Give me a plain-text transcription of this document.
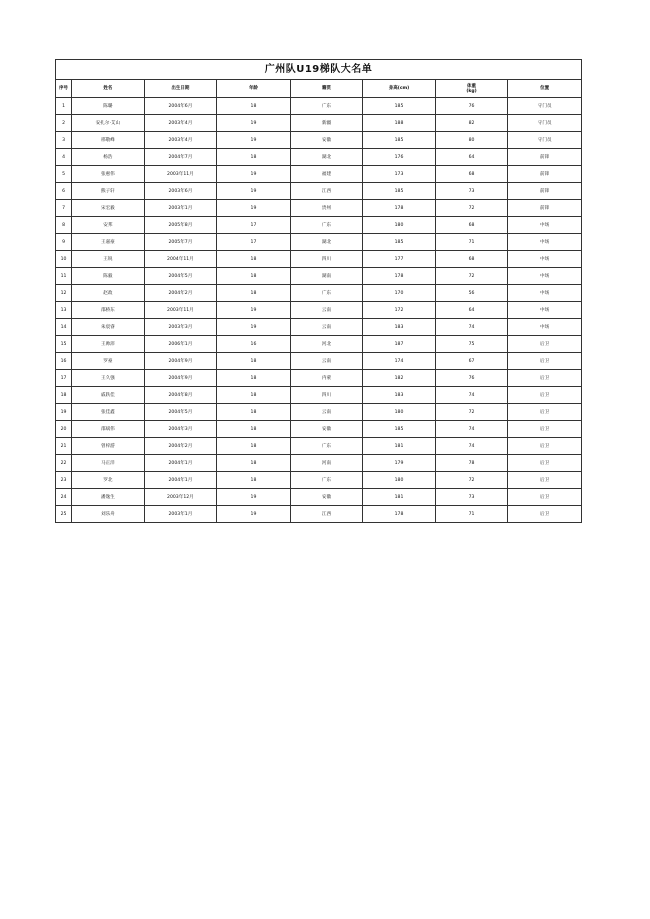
广州队U19梯队大名单							
序号	姓名	出生日期	年龄	籍贯	身高(cm)	体重
(kg)	位置
1	陈璐	2004年6月	18	广东	185	76	守门员
2	安扎尔·艾山	2003年4月	19	新疆	188	82	守门员
3	邢敬峰	2003年4月	19	安徽	185	80	守门员
4	杨浩	2004年7月	18	湖北	176	64	前锋
5	张惠伟	2003年11月	19	福建	173	68	前锋
6	熊子轩	2003年6月	19	江西	185	73	前锋
7	宋宏毅	2003年1月	19	贵州	178	72	前锋
8	安邦	2005年8月	17	广东	180	68	中场
9	王嘉豪	2005年7月	17	湖北	185	71	中场
10	王锐	2004年11月	18	四川	177	68	中场
11	陈毅	2004年5月	18	湖南	178	72	中场
12	赵政	2004年2月	18	广东	170	56	中场
13	邵桥东	2003年11月	19	云南	172	64	中场
14	朱宸睿	2003年3月	19	云南	183	74	中场
15	王帅沛	2006年1月	16	河北	187	75	后卫
16	罗豪	2004年9月	18	云南	174	67	后卫
17	王久强	2004年9月	18	内蒙	182	76	后卫
18	戚轶佳	2004年8月	18	四川	183	74	后卫
19	张佳鑫	2004年5月	18	云南	180	72	后卫
20	邵斌伟	2004年3月	18	安徽	185	74	后卫
21	曾梓游	2004年2月	18	广东	181	74	后卫
22	马正洋	2004年1月	18	河南	179	78	后卫
23	罗北	2004年1月	18	广东	180	72	后卫
24	潘逸生	2003年12月	19	安徽	181	73	后卫
25	刘乐舟	2003年1月	19	江西	178	71	后卫
